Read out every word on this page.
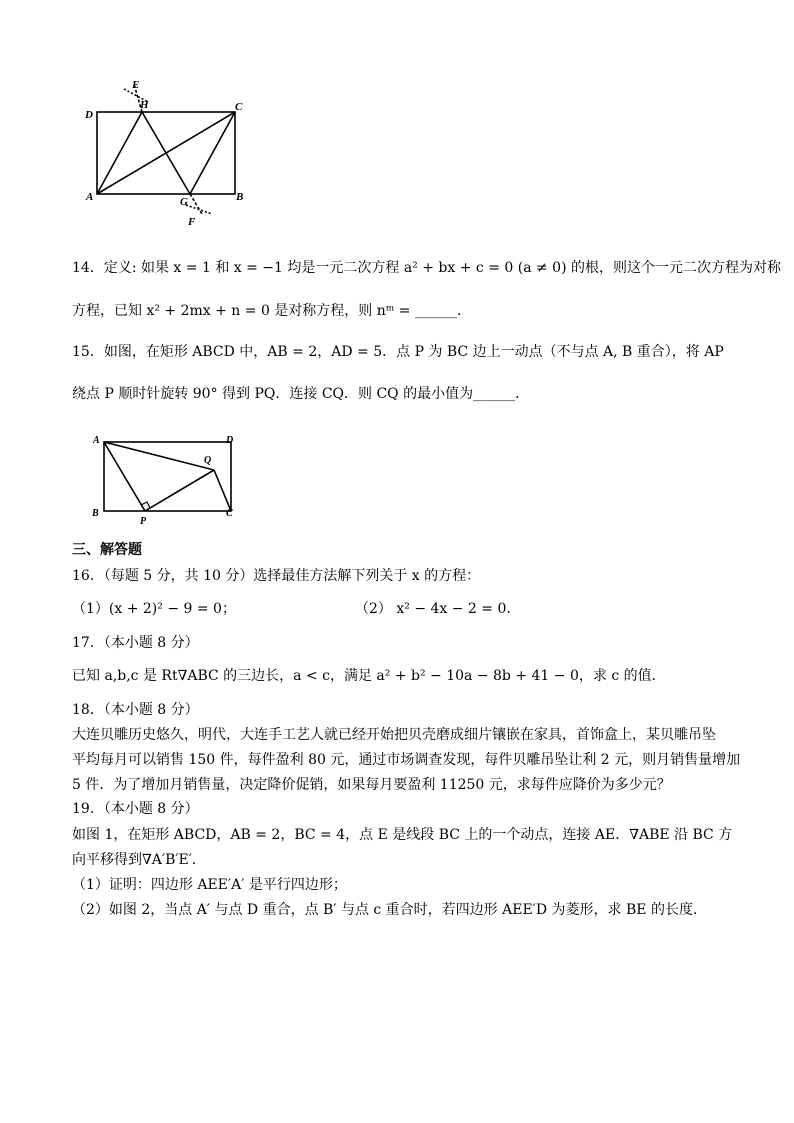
E
H	C
D
A	G	B
F
14．定义: 如果 x = 1 和 x = −1 均是一元二次方程 a² + bx + c = 0 (a ≠ 0) 的根，则这个一元二次方程为对称
方程，已知 x² + 2mx + n = 0 是对称方程，则 nᵐ = ______．
15．如图，在矩形 ABCD 中，AB = 2，AD = 5．点 P 为 BC 边上一动点（不与点 A, B 重合），将 AP
绕点 P 顺时针旋转 90° 得到 PQ．连接 CQ．则 CQ 的最小值为______．
A	D
Q
B
P
C
三、解答题
16．（每题 5 分，共 10 分）选择最佳方法解下列关于 x 的方程：
（1）(x + 2)² − 9 = 0；	（2） x² − 4x − 2 = 0．
17．（本小题 8 分）
已知 a,b,c 是 Rt∇ABC 的三边长，a < c，满足 a² + b² − 10a − 8b + 41 − 0，求 c 的值．
18．（本小题 8 分）
大连贝雕历史悠久，明代，大连手工艺人就已经开始把贝壳磨成细片镶嵌在家具，首饰盒上，某贝雕吊坠
平均每月可以销售 150 件，每件盈利 80 元，通过市场调查发现，每件贝雕吊坠让利 2 元，则月销售量增加
5 件．为了增加月销售量，决定降价促销，如果每月要盈利 11250 元，求每件应降价为多少元？
19．（本小题 8 分）
如图 1，在矩形 ABCD，AB = 2，BC = 4，点 E 是线段 BC 上的一个动点，连接 AE．∇ABE 沿 BC 方
向平移得到∇A′B′E′．
（1）证明：四边形 AEE′A′ 是平行四边形；
（2）如图 2，当点 A′ 与点 D 重合，点 B′ 与点 c 重合时，若四边形 AEE′D 为菱形，求 BE 的长度．
